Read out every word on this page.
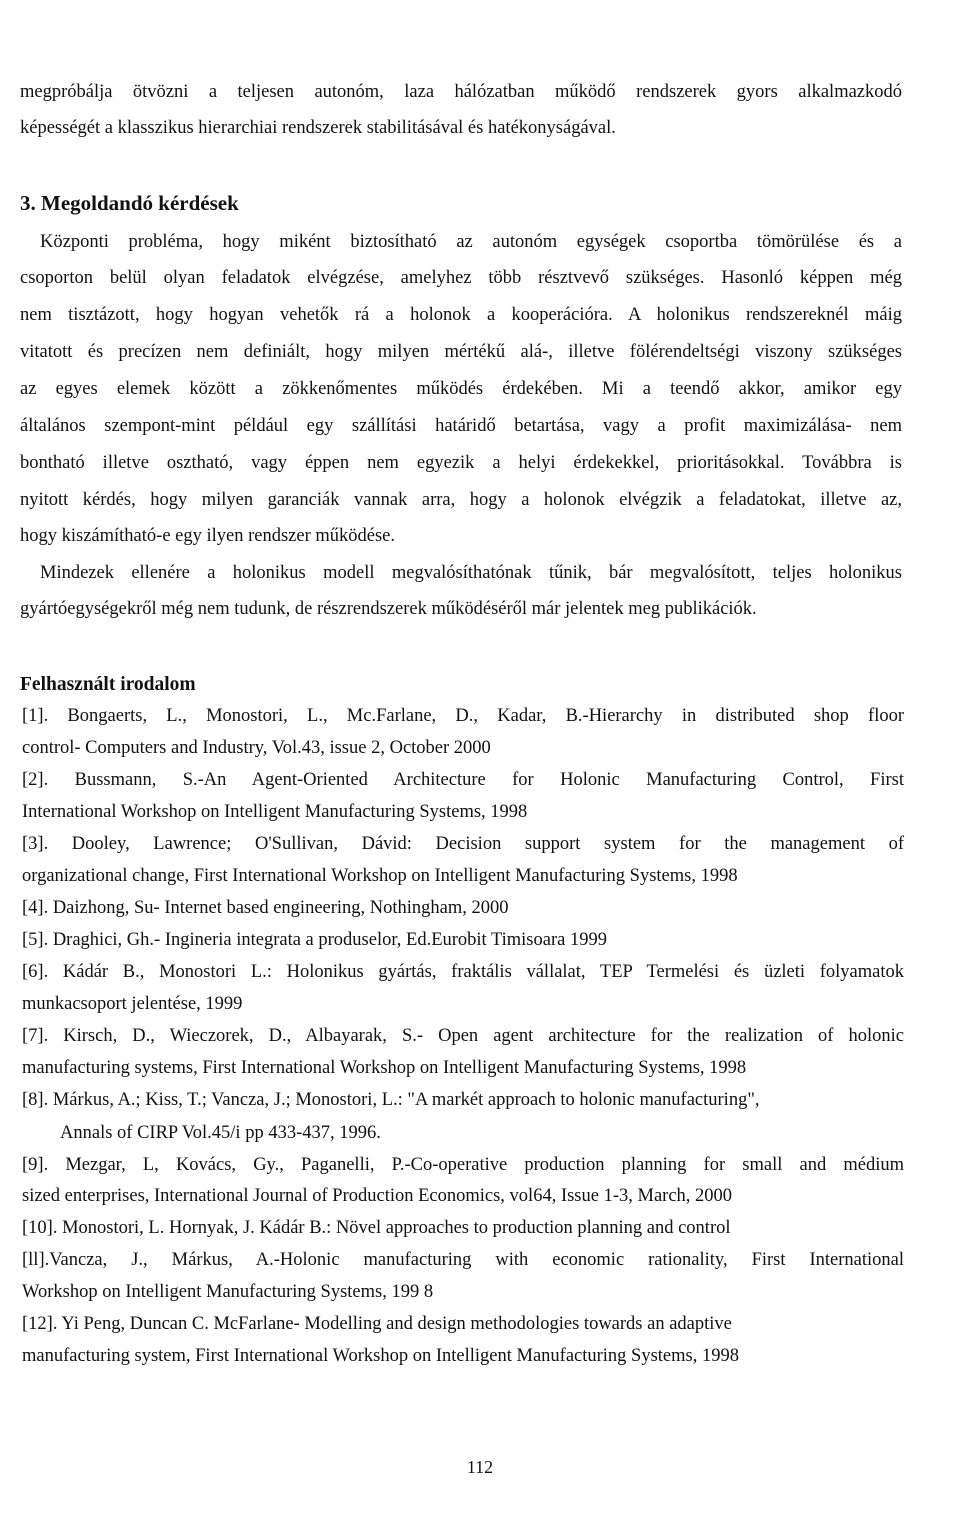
megpróbálja ötvözni a teljesen autonóm, laza hálózatban működő rendszerek gyors alkalmazkodó

képességét a klasszikus hierarchiai rendszerek stabilitásával és hatékonyságával.

3. Megoldandó kérdések

Központi probléma, hogy miként biztosítható az autonóm egységek csoportba tömörülése és a

csoporton belül olyan feladatok elvégzése, amelyhez több résztvevő szükséges. Hasonló képpen még

nem tisztázott, hogy hogyan vehetők rá a holonok a kooperációra. A holonikus rendszereknél máig

vitatott és precízen nem definiált, hogy milyen mértékű alá-, illetve fölérendeltségi viszony szükséges

az egyes elemek között a zökkenőmentes működés érdekében. Mi a teendő akkor, amikor egy

általános szempont-mint például egy szállítási határidő betartása, vagy a profit maximizálása- nem

bontható illetve osztható, vagy éppen nem egyezik a helyi érdekekkel, prioritásokkal. Továbbra is

nyitott kérdés, hogy milyen garanciák vannak arra, hogy a holonok elvégzik a feladatokat, illetve az,

hogy kiszámítható-e egy ilyen rendszer működése.

Mindezek ellenére a holonikus modell megvalósíthatónak tűnik, bár megvalósított, teljes holonikus

gyártóegységekről még nem tudunk, de részrendszerek működéséről már jelentek meg publikációk.

Felhasznált irodalom

[1]. Bongaerts, L., Monostori, L., Mc.Farlane, D., Kadar, B.-Hierarchy in distributed shop floor

control- Computers and Industry, Vol.43, issue 2, October 2000

[2]. Bussmann, S.-An Agent-Oriented Architecture for Holonic Manufacturing Control, First

International Workshop on Intelligent Manufacturing Systems, 1998

[3]. Dooley, Lawrence; O'Sullivan, Dávid: Decision support system for the management of

organizational change, First International Workshop on Intelligent Manufacturing Systems, 1998

[4]. Daizhong, Su- Internet based engineering, Nothingham, 2000

[5]. Draghici, Gh.- Ingineria integrata a produselor, Ed.Eurobit Timisoara 1999

[6]. Kádár B., Monostori L.: Holonikus gyártás, fraktális vállalat, TEP Termelési és üzleti folyamatok

munkacsoport jelentése, 1999

[7]. Kirsch, D., Wieczorek, D., Albayarak, S.- Open agent architecture for the realization of holonic

manufacturing systems, First International Workshop on Intelligent Manufacturing Systems, 1998

[8]. Márkus, A.; Kiss, T.; Vancza, J.; Monostori, L.: "A markét approach to holonic manufacturing",

Annals of CIRP Vol.45/i pp 433-437, 1996.

[9]. Mezgar, L, Kovács, Gy., Paganelli, P.-Co-operative production planning for small and médium

sized enterprises, International Journal of Production Economics, vol64, Issue 1-3, March, 2000

[10]. Monostori, L. Hornyak, J. Kádár B.: Növel approaches to production planning and control

[ll].Vancza, J., Márkus, A.-Holonic manufacturing with economic rationality, First International

Workshop on Intelligent Manufacturing Systems, 199 8

[12]. Yi Peng, Duncan C. McFarlane- Modelling and design methodologies towards an adaptive

manufacturing system, First International Workshop on Intelligent Manufacturing Systems, 1998

112
